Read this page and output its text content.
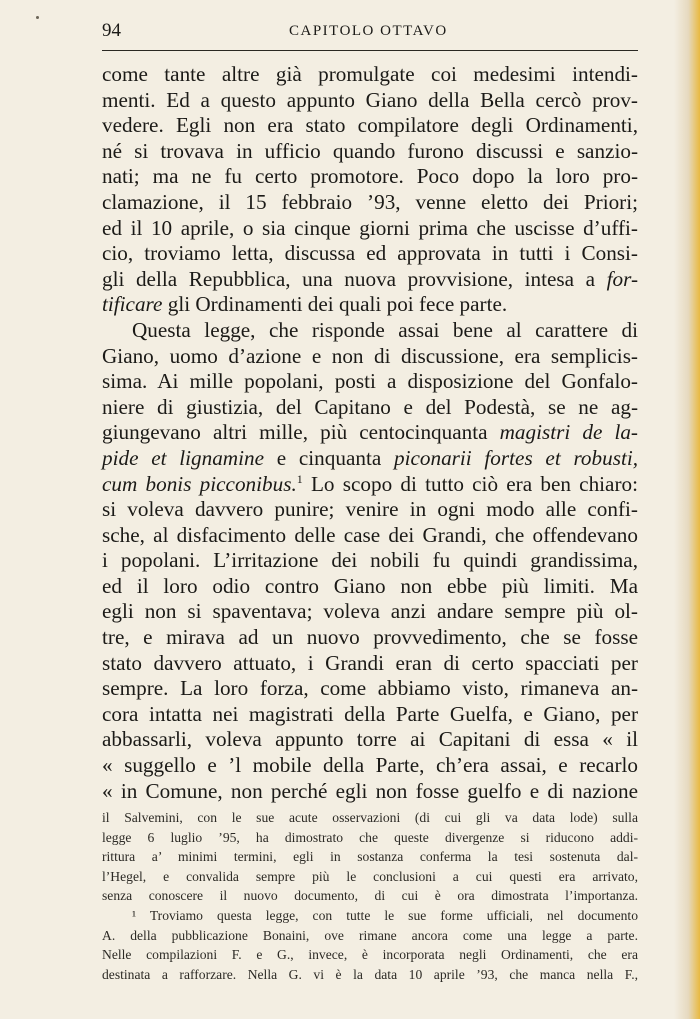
94	CAPITOLO OTTAVO
come tante altre già promulgate coi medesimi intendi-
menti. Ed a questo appunto Giano della Bella cercò prov-
vedere. Egli non era stato compilatore degli Ordinamenti,
né si trovava in ufficio quando furono discussi e sanzio-
nati; ma ne fu certo promotore. Poco dopo la loro pro-
clamazione, il 15 febbraio ’93, venne eletto dei Priori;
ed il 10 aprile, o sia cinque giorni prima che uscisse d’uffi-
cio, troviamo letta, discussa ed approvata in tutti i Consi-
gli della Repubblica, una nuova provvisione, intesa a for-
tificare gli Ordinamenti dei quali poi fece parte.
Questa legge, che risponde assai bene al carattere di
Giano, uomo d’azione e non di discussione, era semplicis-
sima. Ai mille popolani, posti a disposizione del Gonfalo-
niere di giustizia, del Capitano e del Podestà, se ne ag-
giungevano altri mille, più centocinquanta magistri de la-
pide et lignamine e cinquanta piconarii fortes et robusti,
cum bonis picconibus.$^1$ Lo scopo di tutto ciò era ben chiaro:
si voleva davvero punire; venire in ogni modo alle confi-
sche, al disfacimento delle case dei Grandi, che offendevano
i popolani. L’irritazione dei nobili fu quindi grandissima,
ed il loro odio contro Giano non ebbe più limiti. Ma
egli non si spaventava; voleva anzi andare sempre più ol-
tre, e mirava ad un nuovo provvedimento, che se fosse
stato davvero attuato, i Grandi eran di certo spacciati per
sempre. La loro forza, come abbiamo visto, rimaneva an-
cora intatta nei magistrati della Parte Guelfa, e Giano, per
abbassarli, voleva appunto torre ai Capitani di essa « il
« suggello e ’l mobile della Parte, ch’era assai, e recarlo
« in Comune, non perché egli non fosse guelfo e di nazione
il Salvemini, con le sue acute osservazioni (di cui gli va data lode) sulla
legge 6 luglio ’95, ha dimostrato che queste divergenze si riducono addi-
rittura a’ minimi termini, egli in sostanza conferma la tesi sostenuta dal-
l’Hegel, e convalida sempre più le conclusioni a cui questi era arrivato,
senza conoscere il nuovo documento, di cui è ora dimostrata l’importanza.
¹ Troviamo questa legge, con tutte le sue forme ufficiali, nel documento
A. della pubblicazione Bonaini, ove rimane ancora come una legge a parte.
Nelle compilazioni F. e G., invece, è incorporata negli Ordinamenti, che era
destinata a rafforzare. Nella G. vi è la data 10 aprile ’93, che manca nella F.,
